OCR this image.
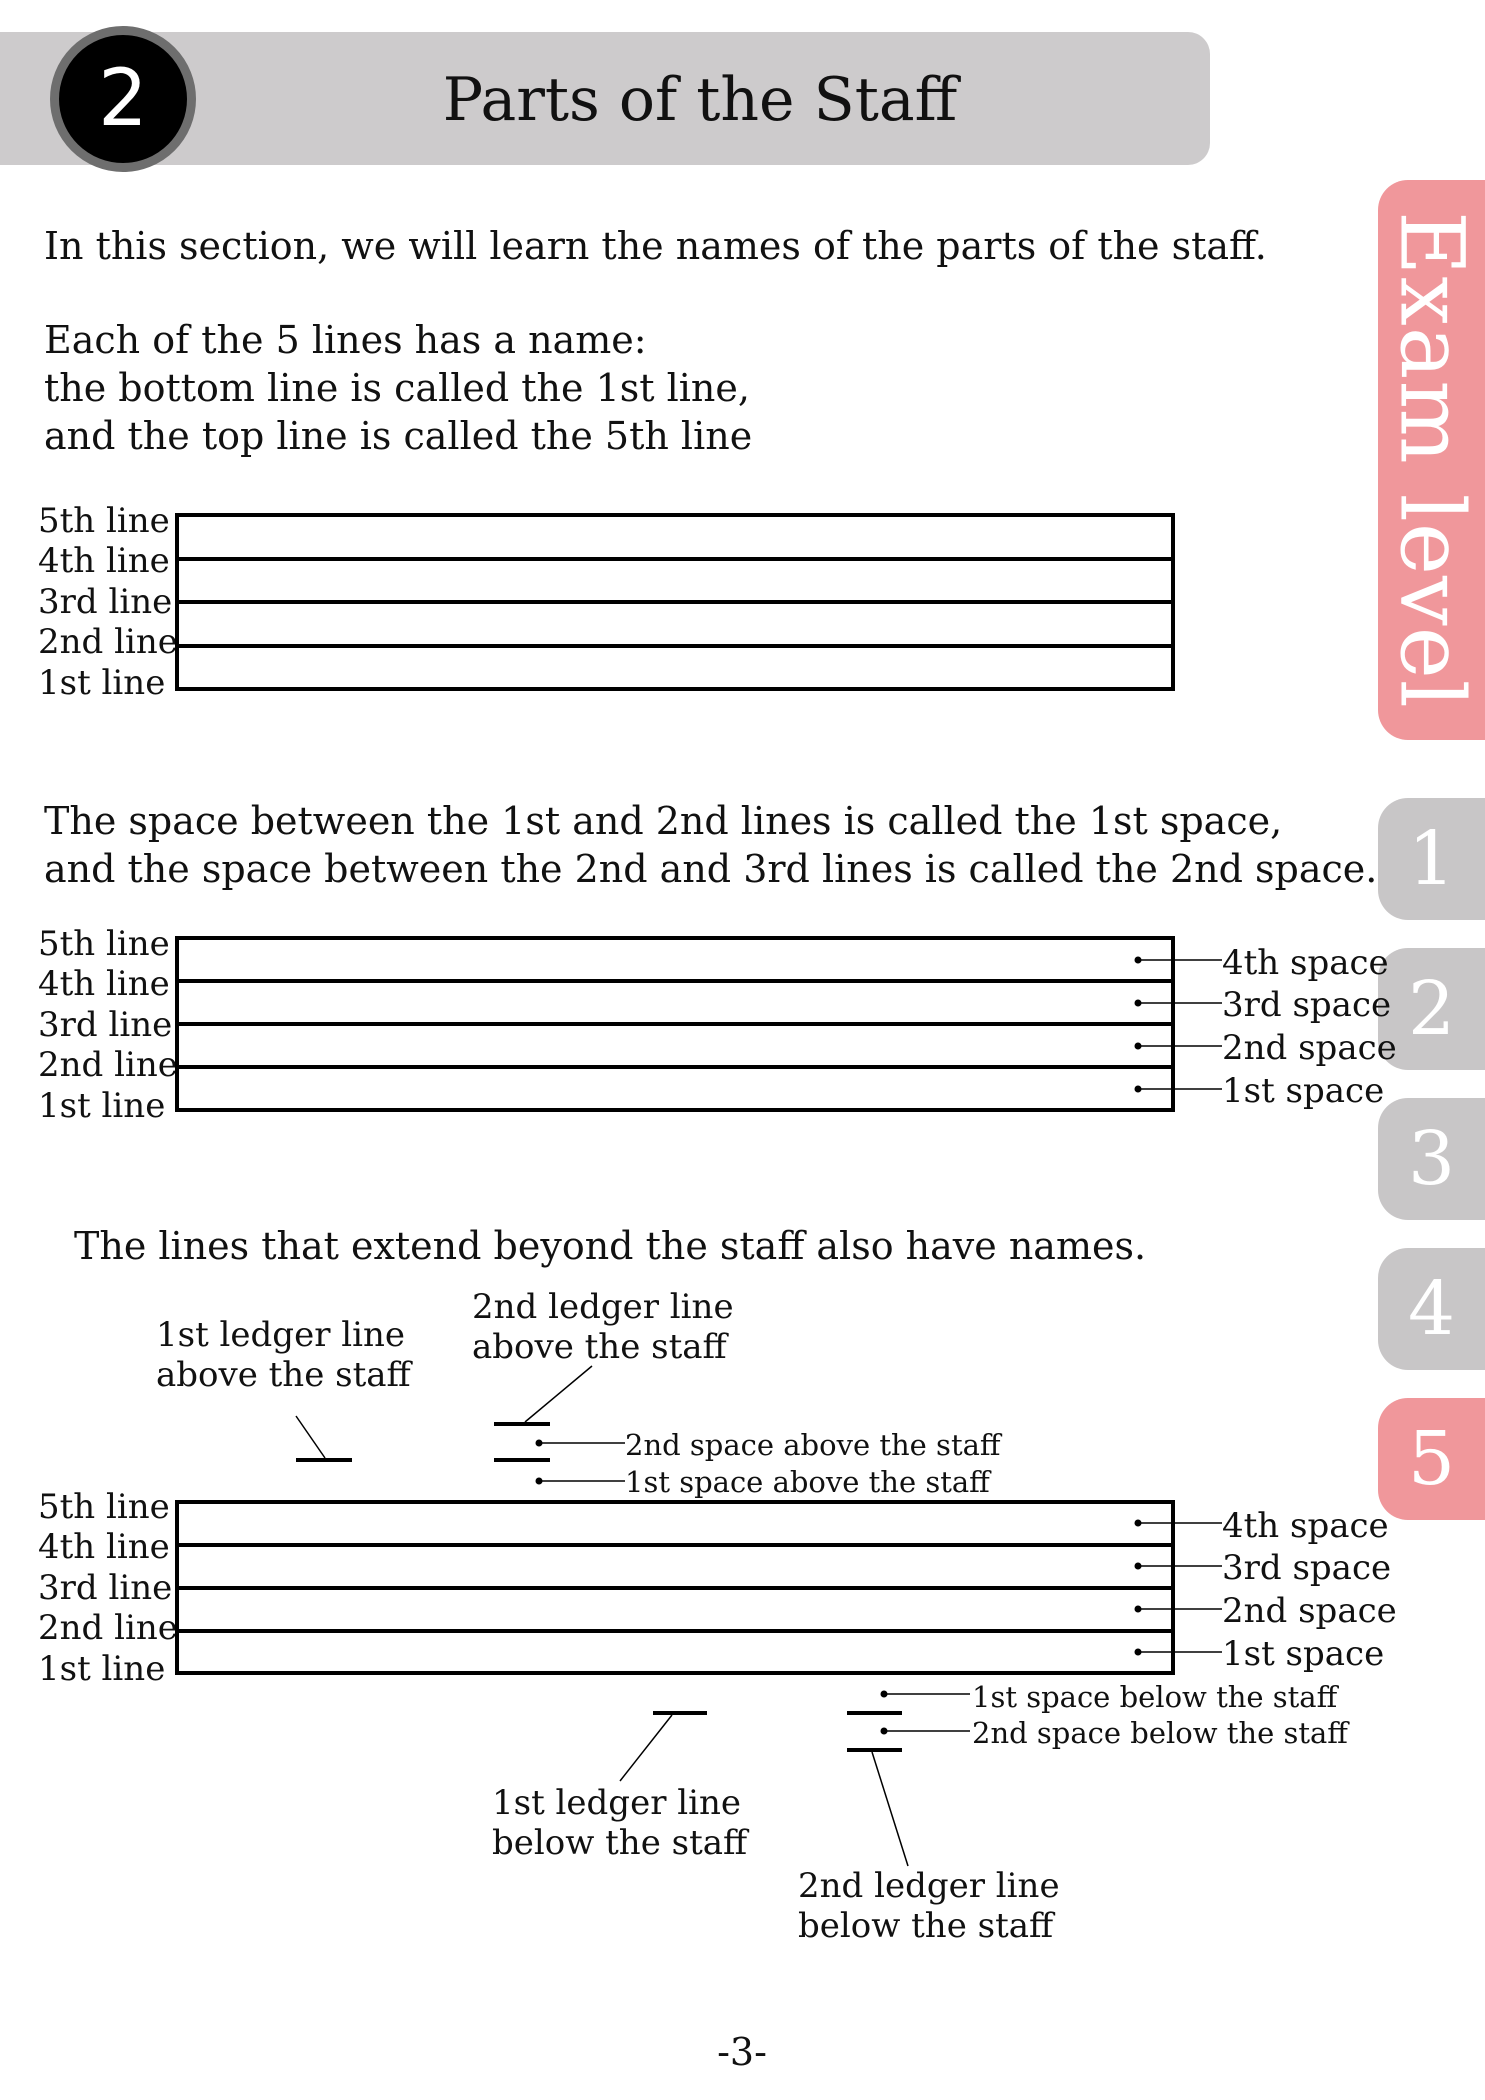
2	Parts of the Staff
Exam level
1
2
3
4
5
In this section, we will learn the names of the parts of the staff.
Each of the 5 lines has a name:
the bottom line is called the 1st line,
and the top line is called the 5th line
5th line
4th line
3rd line
2nd line
1st line
The space between the 1st and 2nd lines is called the 1st space,
and the space between the 2nd and 3rd lines is called the 2nd space.
5th line
4th line
3rd line
2nd line
1st line
4th space
3rd space
2nd space
1st space
The lines that extend beyond the staff also have names.
1st ledger line
above the staff
2nd ledger line
above the staff
2nd space above the staff
1st space above the staff
5th line
4th line
3rd line
2nd line
1st line
4th space
3rd space
2nd space
1st space
1st space below the staff
2nd space below the staff
1st ledger line
below the staff
2nd ledger line
below the staff
-3-
